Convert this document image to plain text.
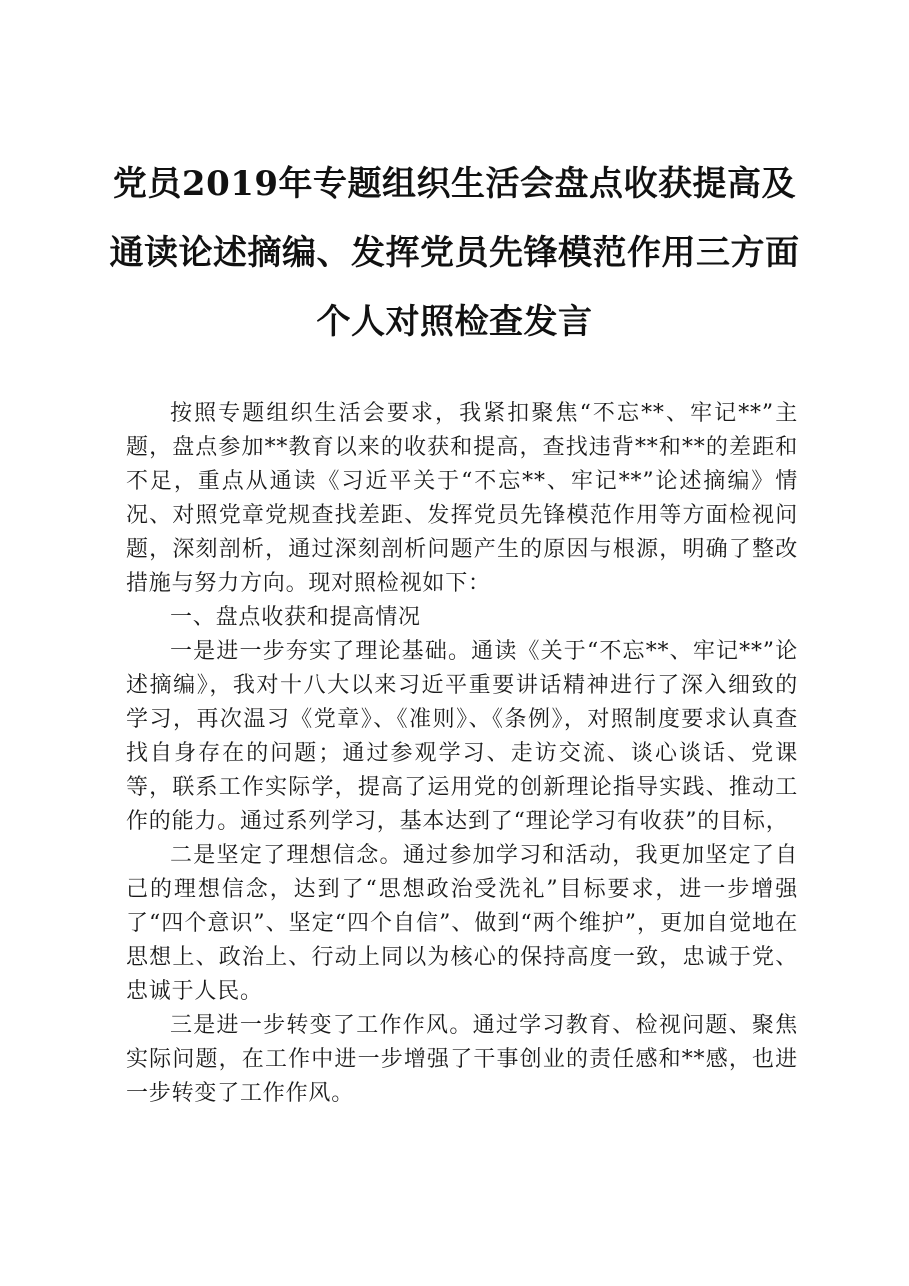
党员2019年专题组织生活会盘点收获提高及
通读论述摘编、发挥党员先锋模范作用三方面
个人对照检查发言

按照专题组织生活会要求，我紧扣聚焦“不忘**、牢记**”主题，盘点参加**教育以来的收获和提高，查找违背**和**的差距和不足，重点从通读《习近平关于“不忘**、牢记**”论述摘编》情况、对照党章党规查找差距、发挥党员先锋模范作用等方面检视问题，深刻剖析，通过深刻剖析问题产生的原因与根源，明确了整改措施与努力方向。现对照检视如下：

一、盘点收获和提高情况

一是进一步夯实了理论基础。通读《关于“不忘**、牢记**”论述摘编》，我对十八大以来习近平重要讲话精神进行了深入细致的学习，再次温习《党章》、《准则》、《条例》，对照制度要求认真查找自身存在的问题；通过参观学习、走访交流、谈心谈话、党课等，联系工作实际学，提高了运用党的创新理论指导实践、推动工作的能力。通过系列学习，基本达到了“理论学习有收获”的目标，

二是坚定了理想信念。通过参加学习和活动，我更加坚定了自己的理想信念，达到了“思想政治受洗礼”目标要求，进一步增强了“四个意识”、坚定“四个自信”、做到“两个维护”，更加自觉地在思想上、政治上、行动上同以为核心的保持高度一致，忠诚于党、忠诚于人民。

三是进一步转变了工作作风。通过学习教育、检视问题、聚焦实际问题，在工作中进一步增强了干事创业的责任感和**感，也进一步转变了工作作风。
